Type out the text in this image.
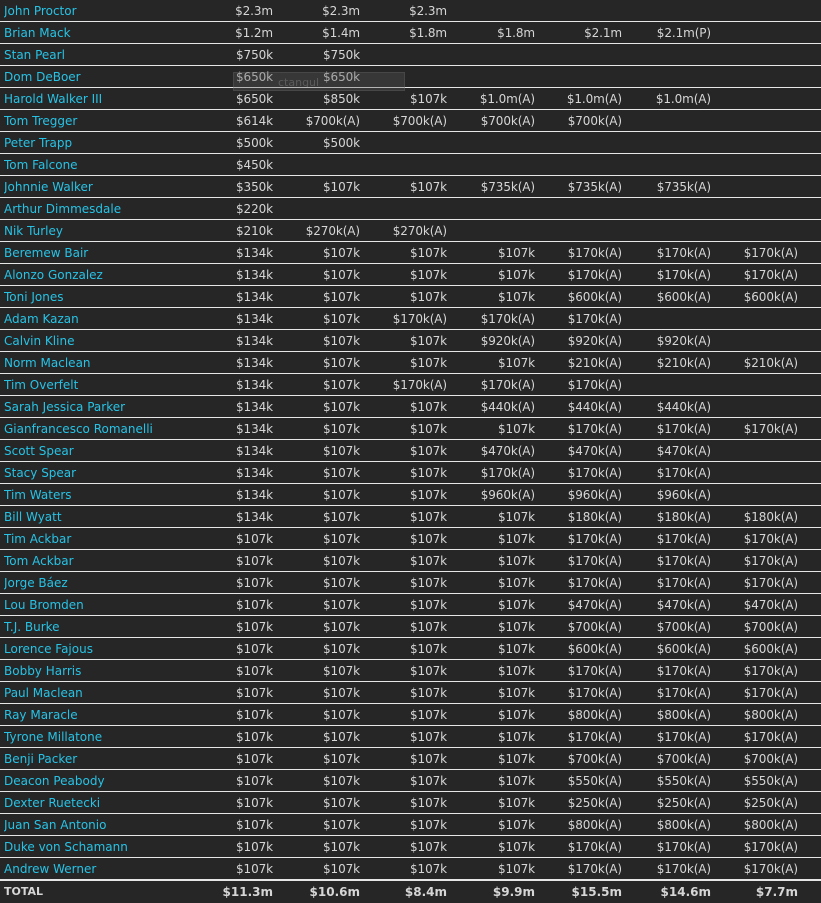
John Proctor	$2.3m	$2.3m	$2.3m
Brian Mack	$1.2m	$1.4m	$1.8m	$1.8m	$2.1m	$2.1m(P)
Stan Pearl	$750k	$750k
Dom DeBoer	$650k	$650k
Harold Walker III	$650k	$850k	$107k	$1.0m(A)	$1.0m(A)	$1.0m(A)
Tom Tregger	$614k	$700k(A)	$700k(A)	$700k(A)	$700k(A)
Peter Trapp	$500k	$500k
Tom Falcone	$450k
Johnnie Walker	$350k	$107k	$107k	$735k(A)	$735k(A)	$735k(A)
Arthur Dimmesdale	$220k
Nik Turley	$210k	$270k(A)	$270k(A)
Beremew Bair	$134k	$107k	$107k	$107k	$170k(A)	$170k(A)	$170k(A)
Alonzo Gonzalez	$134k	$107k	$107k	$107k	$170k(A)	$170k(A)	$170k(A)
Toni Jones	$134k	$107k	$107k	$107k	$600k(A)	$600k(A)	$600k(A)
Adam Kazan	$134k	$107k	$170k(A)	$170k(A)	$170k(A)
Calvin Kline	$134k	$107k	$107k	$920k(A)	$920k(A)	$920k(A)
Norm Maclean	$134k	$107k	$107k	$107k	$210k(A)	$210k(A)	$210k(A)
Tim Overfelt	$134k	$107k	$170k(A)	$170k(A)	$170k(A)
Sarah Jessica Parker	$134k	$107k	$107k	$440k(A)	$440k(A)	$440k(A)
Gianfrancesco Romanelli	$134k	$107k	$107k	$107k	$170k(A)	$170k(A)	$170k(A)
Scott Spear	$134k	$107k	$107k	$470k(A)	$470k(A)	$470k(A)
Stacy Spear	$134k	$107k	$107k	$170k(A)	$170k(A)	$170k(A)
Tim Waters	$134k	$107k	$107k	$960k(A)	$960k(A)	$960k(A)
Bill Wyatt	$134k	$107k	$107k	$107k	$180k(A)	$180k(A)	$180k(A)
Tim Ackbar	$107k	$107k	$107k	$107k	$170k(A)	$170k(A)	$170k(A)
Tom Ackbar	$107k	$107k	$107k	$107k	$170k(A)	$170k(A)	$170k(A)
Jorge Báez	$107k	$107k	$107k	$107k	$170k(A)	$170k(A)	$170k(A)
Lou Bromden	$107k	$107k	$107k	$107k	$470k(A)	$470k(A)	$470k(A)
T.J. Burke	$107k	$107k	$107k	$107k	$700k(A)	$700k(A)	$700k(A)
Lorence Fajous	$107k	$107k	$107k	$107k	$600k(A)	$600k(A)	$600k(A)
Bobby Harris	$107k	$107k	$107k	$107k	$170k(A)	$170k(A)	$170k(A)
Paul Maclean	$107k	$107k	$107k	$107k	$170k(A)	$170k(A)	$170k(A)
Ray Maracle	$107k	$107k	$107k	$107k	$800k(A)	$800k(A)	$800k(A)
Tyrone Millatone	$107k	$107k	$107k	$107k	$170k(A)	$170k(A)	$170k(A)
Benji Packer	$107k	$107k	$107k	$107k	$700k(A)	$700k(A)	$700k(A)
Deacon Peabody	$107k	$107k	$107k	$107k	$550k(A)	$550k(A)	$550k(A)
Dexter Ruetecki	$107k	$107k	$107k	$107k	$250k(A)	$250k(A)	$250k(A)
Juan San Antonio	$107k	$107k	$107k	$107k	$800k(A)	$800k(A)	$800k(A)
Duke von Schamann	$107k	$107k	$107k	$107k	$170k(A)	$170k(A)	$170k(A)
Andrew Werner	$107k	$107k	$107k	$107k	$170k(A)	$170k(A)	$170k(A)
TOTAL	$11.3m	$10.6m	$8.4m	$9.9m	$15.5m	$14.6m	$7.7m
ctangul
